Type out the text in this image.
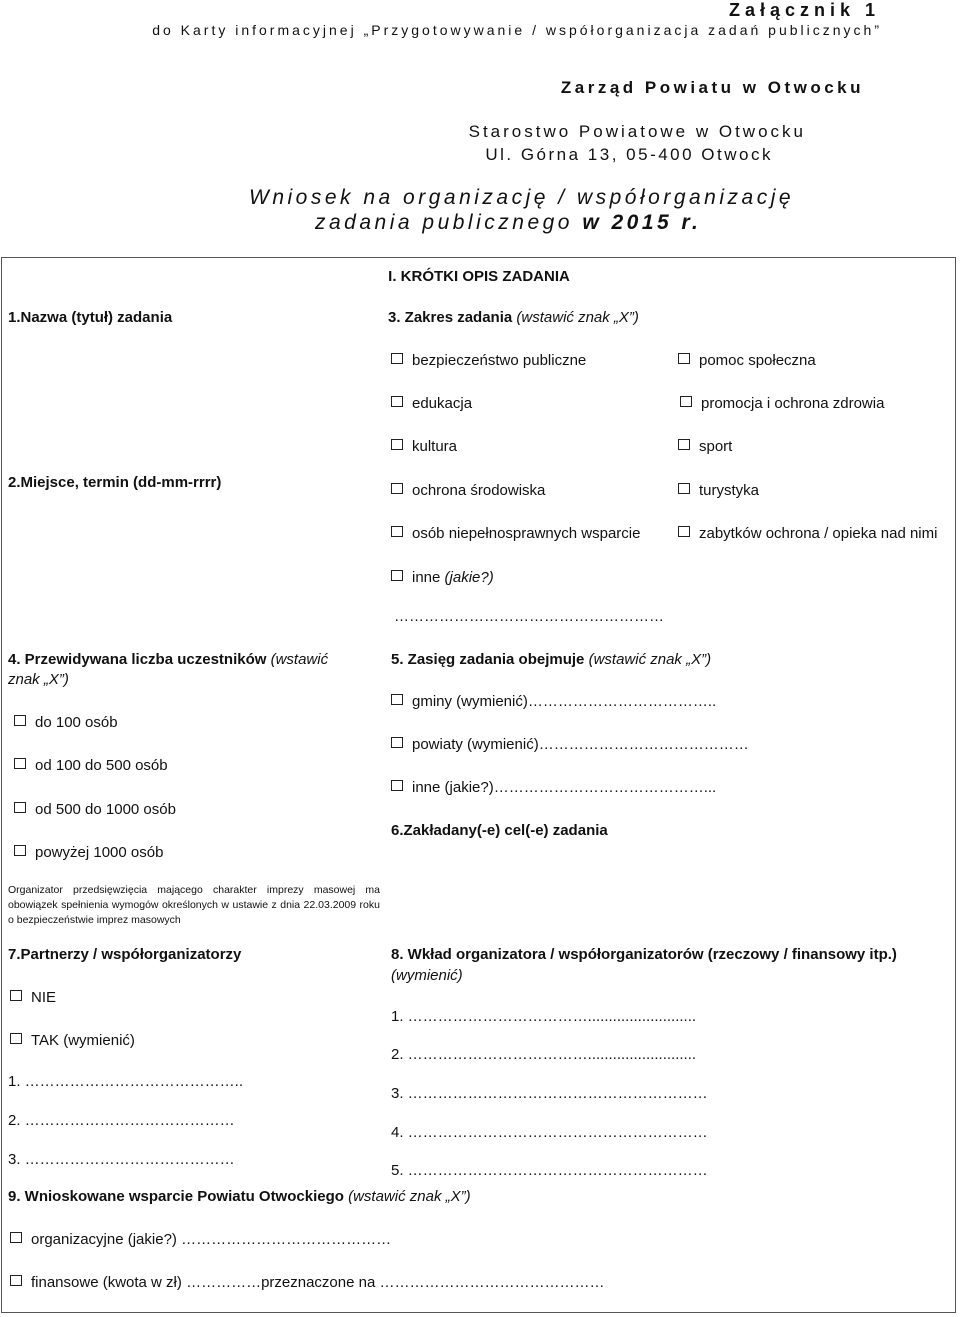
Załącznik 1
do Karty informacyjnej „Przygotowywanie / współorganizacja zadań publicznych”
Zarząd Powiatu w Otwocku
Starostwo Powiatowe w Otwocku
Ul. Górna 13, 05-400 Otwock
Wniosek na organizację / współorganizację
zadania publicznego w 2015 r.
I. KRÓTKI OPIS ZADANIA
1.Nazwa (tytuł) zadania
2.Miejsce, termin (dd-mm-rrrr)
3. Zakres zadania (wstawić znak „X”)
bezpieczeństwo publiczne
edukacja
kultura
ochrona środowiska
osób niepełnosprawnych wsparcie
pomoc społeczna
promocja i ochrona zdrowia
sport
turystyka
zabytków ochrona / opieka nad nimi
inne (jakie?)
………………………………………………
4. Przewidywana liczba uczestników (wstawić
znak „X”)
do 100 osób
od 100 do 500 osób
od 500 do 1000 osób
powyżej 1000 osób
5. Zasięg zadania obejmuje (wstawić znak „X”)
gminy (wymienić)………………………………..
powiaty (wymienić)……………………………………
inne (jakie?)……………………………………...
6.Zakładany(-e) cel(-e) zadania
Organizator przedsięwzięcia mającego charakter imprezy masowej ma obowiązek spełnienia wymogów określonych w ustawie z dnia 22.03.2009 roku o bezpieczeństwie imprez masowych
7.Partnerzy / współorganizatorzy
NIE
TAK (wymienić)
1. ……………………………………..
2. ……………………………………
3. ……………………………………
8. Wkład organizatora / współorganizatorów (rzeczowy / finansowy itp.)
(wymienić)
1. ………………………………..........................
2. ………………………………..........................
3. ……………………………………………………
4. ……………………………………………………
5. ……………………………………………………
9. Wnioskowane wsparcie Powiatu Otwockiego (wstawić znak „X”)
organizacyjne (jakie?) ……………………………………
finansowe (kwota w zł) ……………przeznaczone na ………………………………………
